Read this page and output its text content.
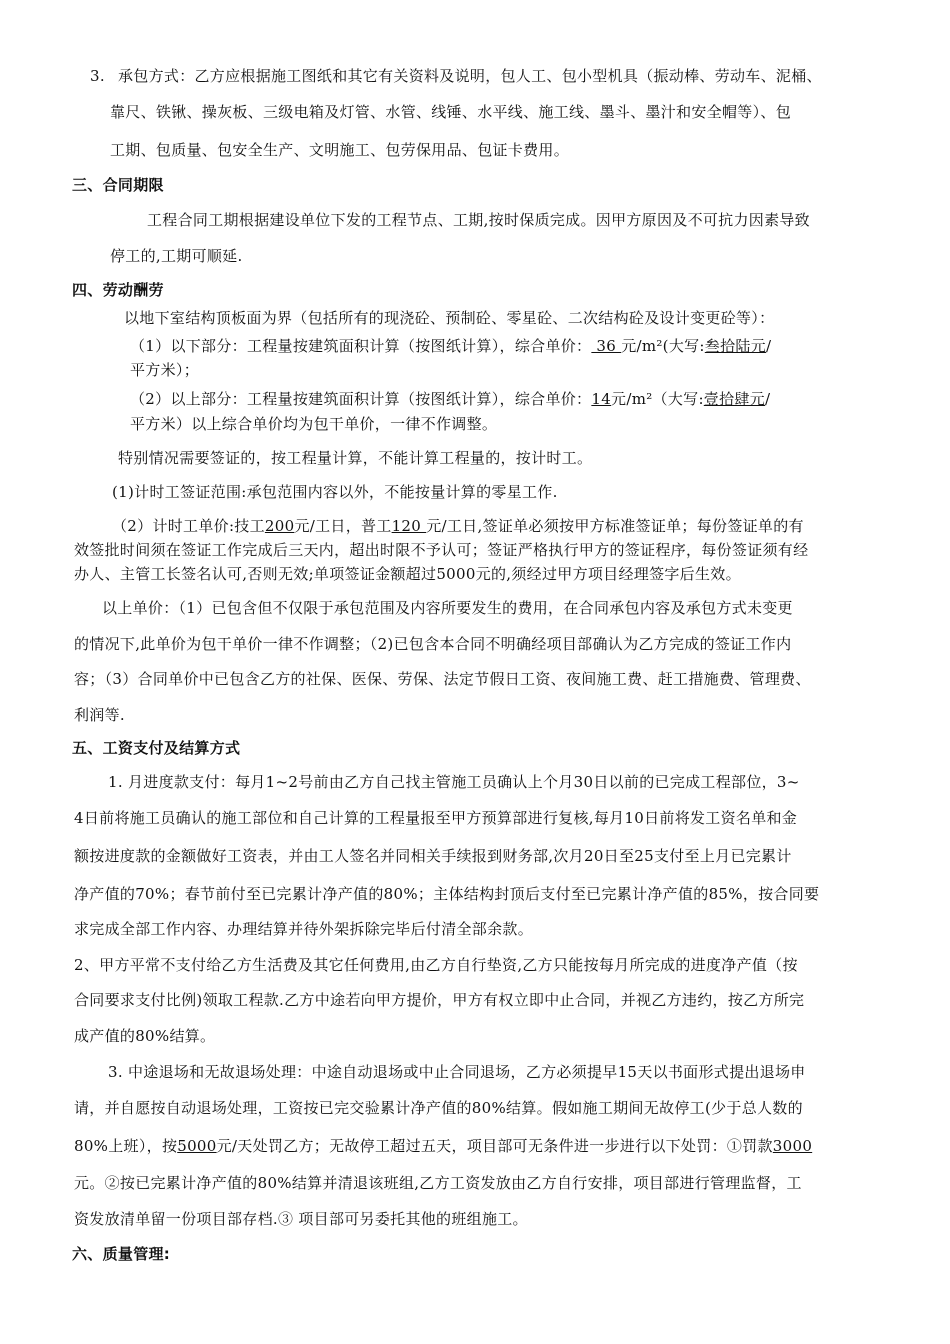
3. 承包方式：乙方应根据施工图纸和其它有关资料及说明，包人工、包小型机具（振动棒、劳动车、泥桶、
靠尺、铁锹、操灰板、三级电箱及灯管、水管、线锤、水平线、施工线、墨斗、墨汁和安全帽等）、包
工期、包质量、包安全生产、文明施工、包劳保用品、包证卡费用。
三、合同期限
工程合同工期根据建设单位下发的工程节点、工期,按时保质完成。因甲方原因及不可抗力因素导致
停工的,工期可顺延.
四、劳动酬劳
以地下室结构顶板面为界（包括所有的现浇砼、预制砼、零星砼、二次结构砼及设计变更砼等）：
（1）以下部分：工程量按建筑面积计算（按图纸计算），综合单价： 36 元/m²(大写:叁拾陆元/
平方米）；
（2）以上部分：工程量按建筑面积计算（按图纸计算），综合单价：14元/m²（大写:壹拾肆元/
平方米）以上综合单价均为包干单价，一律不作调整。
特别情况需要签证的，按工程量计算，不能计算工程量的，按计时工。
(1)计时工签证范围:承包范围内容以外，不能按量计算的零星工作.
（2）计时工单价:技工200元/工日，普工120 元/工日,签证单必须按甲方标准签证单；每份签证单的有
效签批时间须在签证工作完成后三天内，超出时限不予认可；签证严格执行甲方的签证程序，每份签证须有经
办人、主管工长签名认可,否则无效;单项签证金额超过5000元的,须经过甲方项目经理签字后生效。
以上单价：（1）已包含但不仅限于承包范围及内容所要发生的费用，在合同承包内容及承包方式未变更
的情况下,此单价为包干单价一律不作调整；（2)已包含本合同不明确经项目部确认为乙方完成的签证工作内
容；（3）合同单价中已包含乙方的社保、医保、劳保、法定节假日工资、夜间施工费、赶工措施费、管理费、
利润等.
五、工资支付及结算方式
1. 月进度款支付：每月1~2号前由乙方自己找主管施工员确认上个月30日以前的已完成工程部位，3~
4日前将施工员确认的施工部位和自己计算的工程量报至甲方预算部进行复核,每月10日前将发工资名单和金
额按进度款的金额做好工资表，并由工人签名并同相关手续报到财务部,次月20日至25支付至上月已完累计
净产值的70%；春节前付至已完累计净产值的80%；主体结构封顶后支付至已完累计净产值的85%，按合同要
求完成全部工作内容、办理结算并待外架拆除完毕后付清全部余款。
2、甲方平常不支付给乙方生活费及其它任何费用,由乙方自行垫资,乙方只能按每月所完成的进度净产值（按
合同要求支付比例)领取工程款.乙方中途若向甲方提价，甲方有权立即中止合同，并视乙方违约，按乙方所完
成产值的80%结算。
3. 中途退场和无故退场处理：中途自动退场或中止合同退场，乙方必须提早15天以书面形式提出退场申
请，并自愿按自动退场处理，工资按已完交验累计净产值的80%结算。假如施工期间无故停工(少于总人数的
80%上班），按5000元/天处罚乙方；无故停工超过五天，项目部可无条件进一步进行以下处罚：①罚款3000
元。②按已完累计净产值的80%结算并清退该班组,乙方工资发放由乙方自行安排，项目部进行管理监督，工
资发放清单留一份项目部存档.③ 项目部可另委托其他的班组施工。
六、质量管理:
